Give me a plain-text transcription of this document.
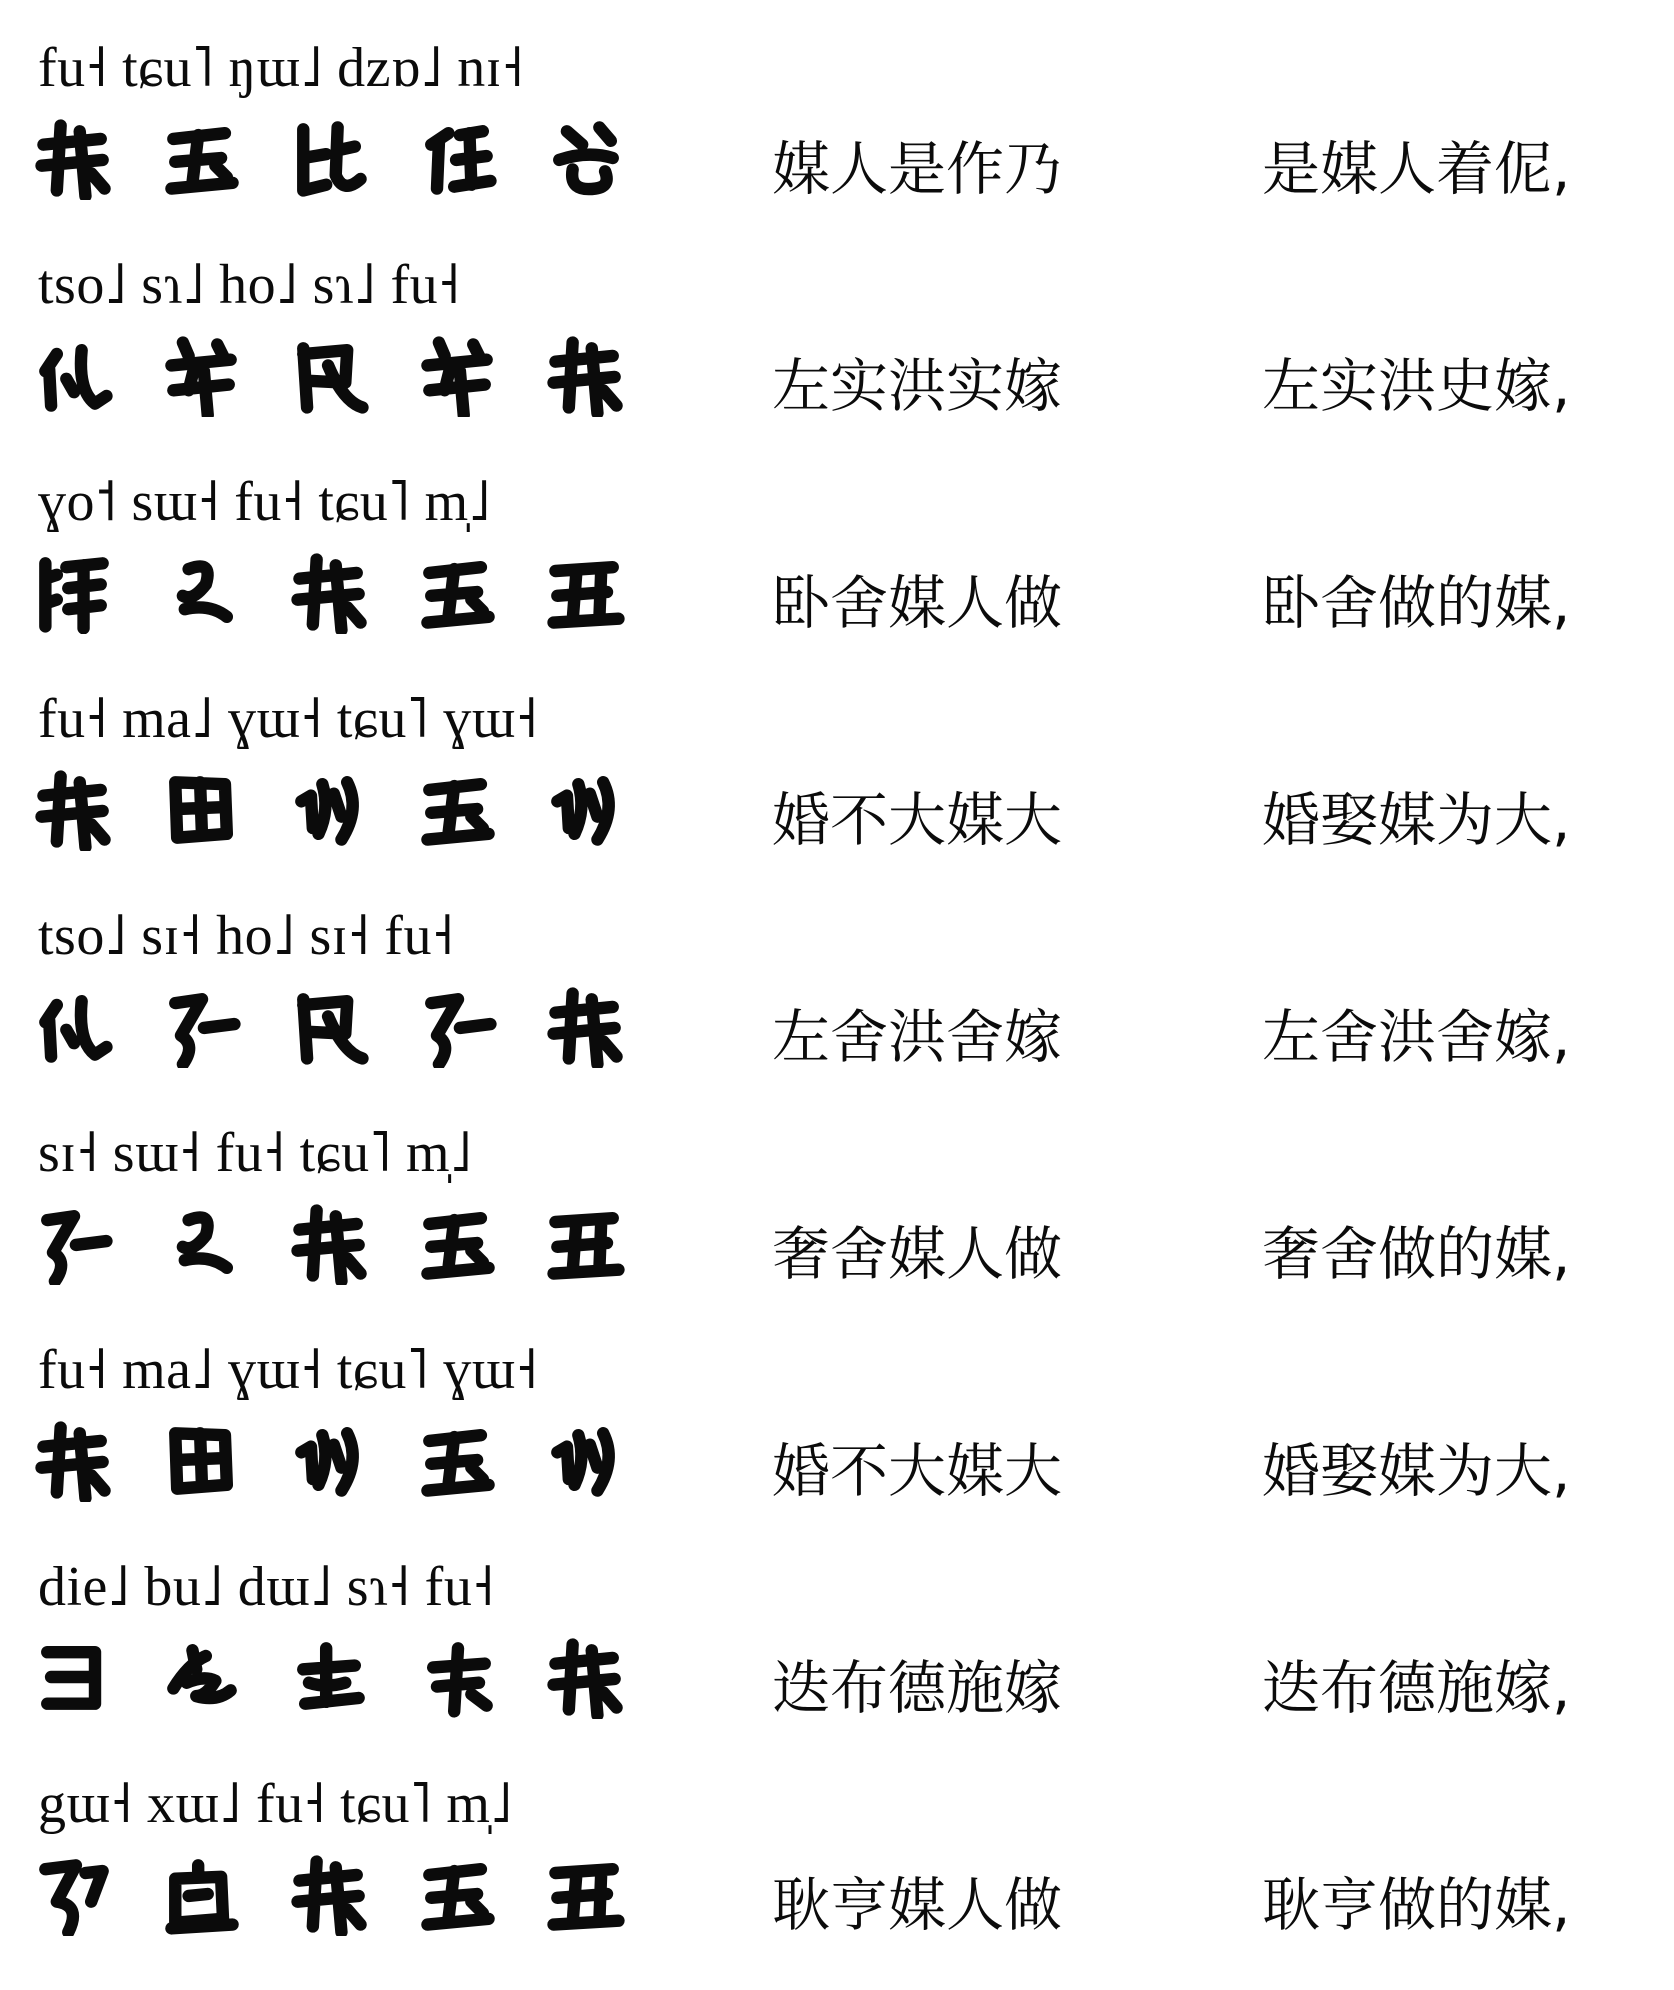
fu˧ tɕu˥ ŋɯ˩ dzɒ˩ nɪ˧
媒人是作乃	是媒人着伲,
tso˩ sɿ˩ ho˩ sɿ˩ fu˧
左实洪实嫁	左实洪史嫁,
ɣo˦ sɯ˧ fu˧ tɕu˥ m̩˩
卧舍媒人做	卧舍做的媒,
fu˧ ma˩ ɣɯ˧ tɕu˥ ɣɯ˧
婚不大媒大	婚娶媒为大,
tso˩ sɪ˧ ho˩ sɪ˧ fu˧
左舍洪舍嫁	左舍洪舍嫁,
sɪ˧ sɯ˧ fu˧ tɕu˥ m̩˩
奢舍媒人做	奢舍做的媒,
fu˧ ma˩ ɣɯ˧ tɕu˥ ɣɯ˧
婚不大媒大	婚娶媒为大,
die˩ bu˩ dɯ˩ sɿ˧ fu˧
迭布德施嫁	迭布德施嫁,
gɯ˧ xɯ˩ fu˧ tɕu˥ m̩˩
耿亨媒人做	耿亨做的媒,
